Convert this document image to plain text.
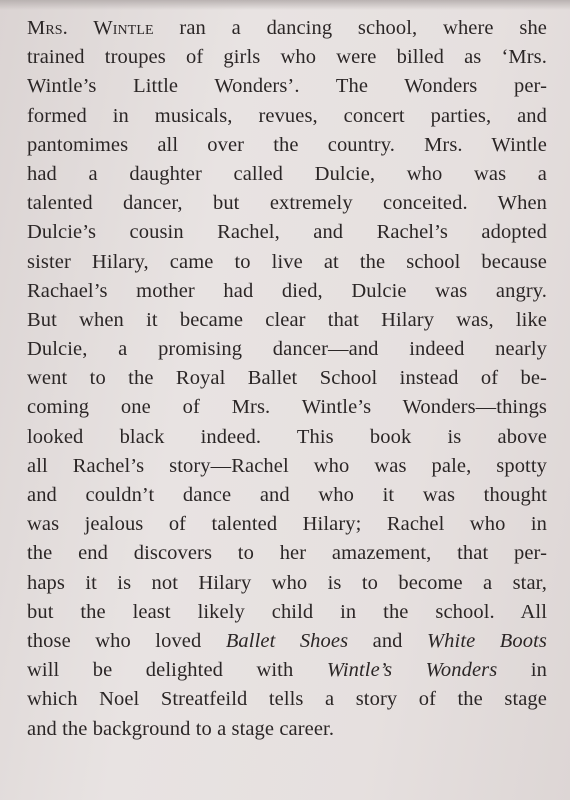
Mrs. Wintle ran a dancing school, where she
trained troupes of girls who were billed as ‘Mrs.
Wintle’s Little Wonders’. The Wonders per-
formed in musicals, revues, concert parties, and
pantomimes all over the country. Mrs. Wintle
had a daughter called Dulcie, who was a
talented dancer, but extremely conceited. When
Dulcie’s cousin Rachel, and Rachel’s adopted
sister Hilary, came to live at the school because
Rachael’s mother had died, Dulcie was angry.
But when it became clear that Hilary was, like
Dulcie, a promising dancer—and indeed nearly
went to the Royal Ballet School instead of be-
coming one of Mrs. Wintle’s Wonders—things
looked black indeed. This book is above
all Rachel’s story—Rachel who was pale, spotty
and couldn’t dance and who it was thought
was jealous of talented Hilary; Rachel who in
the end discovers to her amazement, that per-
haps it is not Hilary who is to become a star,
but the least likely child in the school. All
those who loved Ballet Shoes and White Boots
will be delighted with Wintle’s Wonders in
which Noel Streatfeild tells a story of the stage
and the background to a stage career.
